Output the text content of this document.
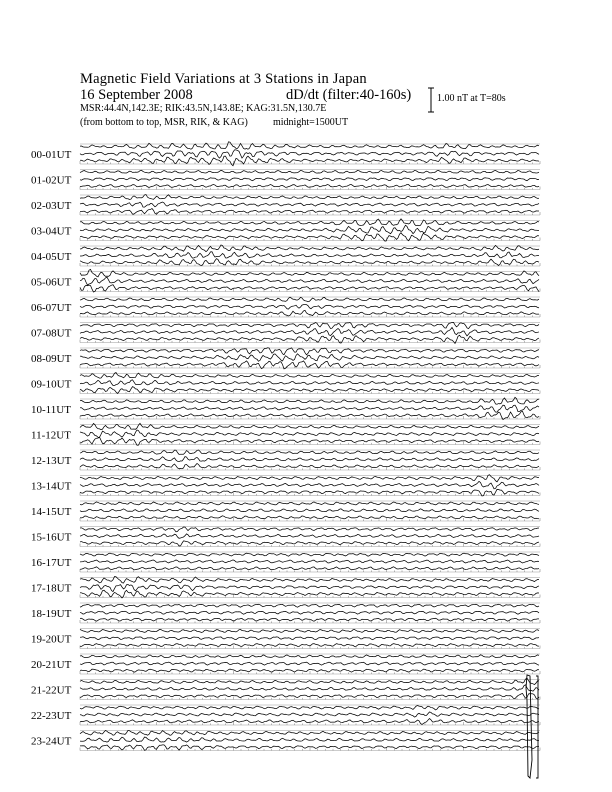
Magnetic Field Variations at 3 Stations in Japan
16 September 2008	dD/dt (filter:40-160s)
MSR:44.4N,142.3E; RIK:43.5N,143.8E; KAG:31.5N,130.7E
(from bottom to top, MSR, RIK, & KAG)	midnight=1500UT
1.00 nT at T=80s
00-01UT
01-02UT
02-03UT
03-04UT
04-05UT
05-06UT
06-07UT
07-08UT
08-09UT
09-10UT
10-11UT
11-12UT
12-13UT
13-14UT
14-15UT
15-16UT
16-17UT
17-18UT
18-19UT
19-20UT
20-21UT
21-22UT
22-23UT
23-24UT
